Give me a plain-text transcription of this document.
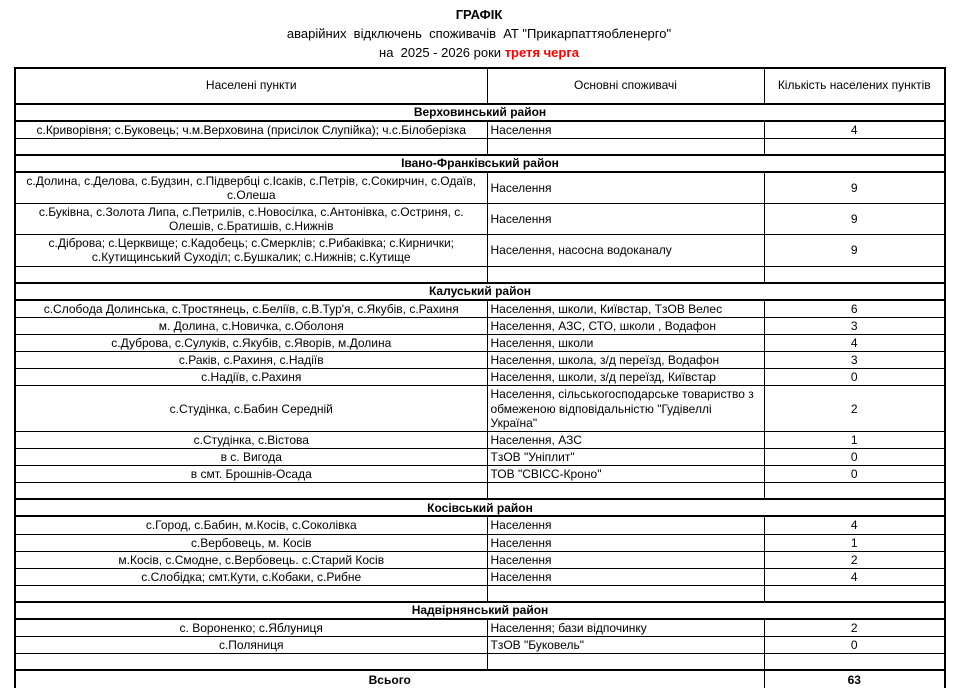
ГРАФІК
аварійних  відключень  споживачів  АТ "Прикарпаттяобленерго"
на  2025 - 2026 роки третя черга
Населені пункти	Основні споживачі	Кількість населених пунктів
Верховинський район		
с.Криворівня; с.Буковець; ч.м.Верховина (присілок Слупійка); ч.с.Білоберізка	Населення	4

Івано-Франківський район		
с.Долина, с.Делова, с.Будзин, с.Підвербці с.Ісаків, с.Петрів, с.Сокирчин, с.Одаїв, с.Олеша	Населення	9
с.Буківна, с.Золота Липа, с.Петрилів, с.Новосілка, с.Антонівка, с.Остриня, с. Олешів, с.Братишів, с.Нижнів	Населення	9
с.Діброва; с.Церквище; с.Кадобець; с.Смерклів; с.Рибаківка; с.Кирнички; с.Кутищинський Суходіл; с.Бушкалик; с.Нижнів; с.Кутище	Населення, насосна водоканалу	9

Калуський район		
с.Слобода Долинська, с.Тростянець, с.Беліїв, с.В.Тур'я, с.Якубів, с.Рахиня	Населення, школи, Київстар, ТзОВ Велес	6
м. Долина, с.Новичка, с.Оболоня	Населення, АЗС, СТО, школи , Водафон	3
с.Дуброва, с.Сулуків, с.Якубів, с.Яворів, м.Долина	Населення, школи	4
с.Раків, с.Рахиня, с.Надіїв	Населення, школа, з/д переїзд, Водафон	3
с.Надіїв, с.Рахиня	Населення, школи, з/д переїзд, Київстар	0
с.Студінка, с.Бабин Середній	Населення, сільськогосподарське товариство з обмеженою відповідальністю "Гудівеллі Україна"	2
с.Студінка, с.Вістова	Населення, АЗС	1
в с. Вигода	ТзОВ "Уніплит"	0
в смт. Брошнів-Осада	ТОВ "СВІСС-Кроно"	0

Косівський район		
с.Город, с.Бабин, м.Косів, с.Соколівка	Населення	4
с.Вербовець, м. Косів	Населення	1
м.Косів, с.Смодне, с.Вербовець. с.Старий Косів	Населення	2
с.Слобідка; смт.Кути, с.Кобаки, с.Рибне	Населення	4

Надвірнянський район		
с. Вороненко; с.Яблуниця	Населення; бази відпочинку	2
с.Поляниця	ТзОВ "Буковель"	0

Всього		63
